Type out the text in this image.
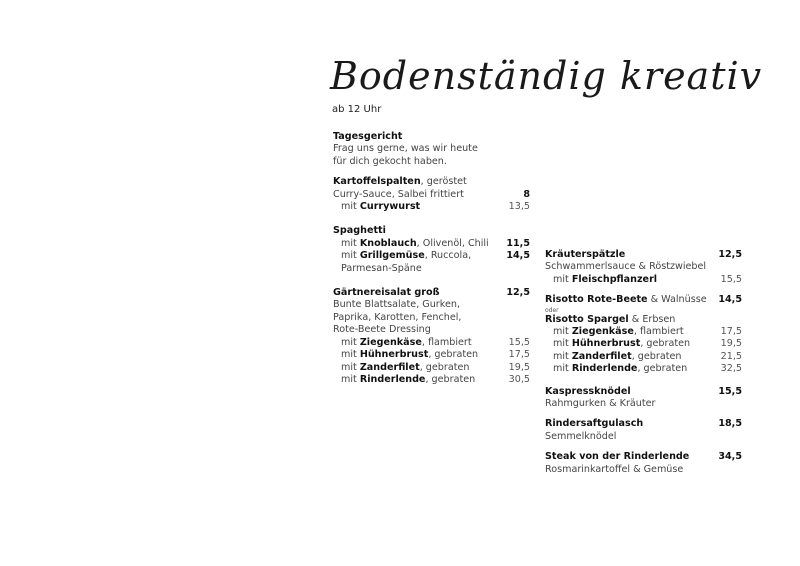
Bodenständig kreativ
ab 12 Uhr
Tagesgericht
Frag uns gerne, was wir heute
für dich gekocht haben.
Kartoffelspalten, geröstet
Curry-Sauce, Salbei frittiert	8
mit Currywurst	13,5
Spaghetti
mit Knoblauch, Olivenöl, Chili	11,5
mit Grillgemüse, Ruccola,	14,5
Parmesan-Späne
Gärtnereisalat groß	12,5
Bunte Blattsalate, Gurken,
Paprika, Karotten, Fenchel,
Rote-Beete Dressing
mit Ziegenkäse, flambiert	15,5
mit Hühnerbrust, gebraten	17,5
mit Zanderfilet, gebraten	19,5
mit Rinderlende, gebraten	30,5
Kräuterspätzle	12,5
Schwammerlsauce & Röstzwiebel
mit Fleischpflanzerl	15,5
Risotto Rote-Beete & Walnüsse	14,5
oder
Risotto Spargel & Erbsen
mit Ziegenkäse, flambiert	17,5
mit Hühnerbrust, gebraten	19,5
mit Zanderfilet, gebraten	21,5
mit Rinderlende, gebraten	32,5
Kaspressknödel	15,5
Rahmgurken & Kräuter
Rindersaftgulasch	18,5
Semmelknödel
Steak von der Rinderlende	34,5
Rosmarinkartoffel & Gemüse
